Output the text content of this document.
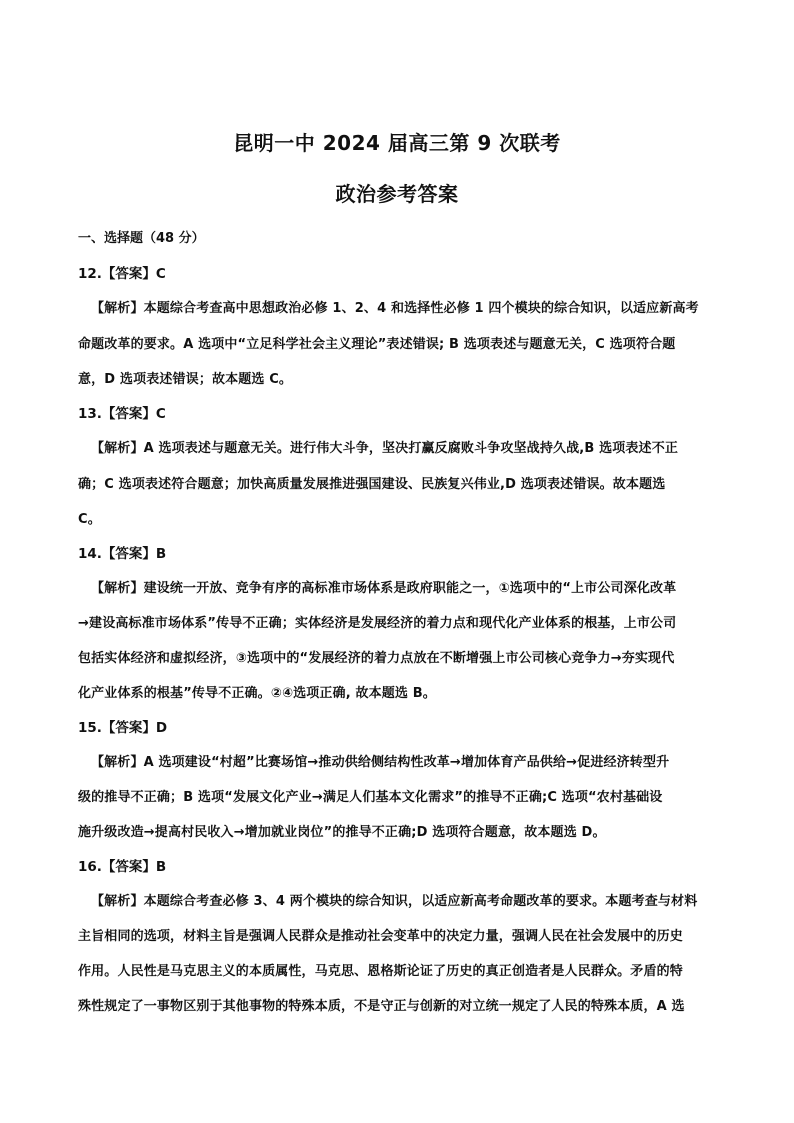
昆明一中 2024 届高三第 9 次联考
政治参考答案
一、选择题（48 分）
12.【答案】C
【解析】本题综合考查高中思想政治必修 1、2、4 和选择性必修 1 四个模块的综合知识，以适应新高考
命题改革的要求。A 选项中“立足科学社会主义理论”表述错误; B 选项表述与题意无关，C 选项符合题
意，D 选项表述错误；故本题选 C。
13.【答案】C
【解析】A 选项表述与题意无关。进行伟大斗争，坚决打赢反腐败斗争攻坚战持久战,B 选项表述不正
确；C 选项表述符合题意；加快高质量发展推进强国建设、民族复兴伟业,D 选项表述错误。故本题选
C。
14.【答案】B
【解析】建设统一开放、竞争有序的高标准市场体系是政府职能之一，①选项中的“上市公司深化改革
→建设高标准市场体系”传导不正确；实体经济是发展经济的着力点和现代化产业体系的根基，上市公司
包括实体经济和虚拟经济，③选项中的“发展经济的着力点放在不断增强上市公司核心竞争力→夯实现代
化产业体系的根基”传导不正确。②④选项正确, 故本题选 B。
15.【答案】D
【解析】A 选项建设“村超”比赛场馆→推动供给侧结构性改革→增加体育产品供给→促进经济转型升
级的推导不正确；B 选项“发展文化产业→满足人们基本文化需求”的推导不正确;C 选项“农村基础设
施升级改造→提高村民收入→增加就业岗位”的推导不正确;D 选项符合题意，故本题选 D。
16.【答案】B
【解析】本题综合考查必修 3、4 两个模块的综合知识，以适应新高考命题改革的要求。本题考查与材料
主旨相同的选项，材料主旨是强调人民群众是推动社会变革中的决定力量，强调人民在社会发展中的历史
作用。人民性是马克思主义的本质属性，马克思、恩格斯论证了历史的真正创造者是人民群众。矛盾的特
殊性规定了一事物区别于其他事物的特殊本质，不是守正与创新的对立统一规定了人民的特殊本质，A 选
